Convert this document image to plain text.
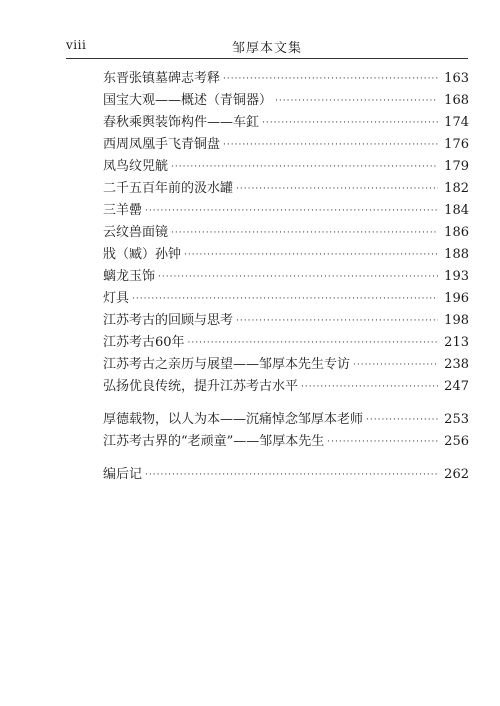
viii	邹厚本文集
东晋张镇墓碑志考释 ·····	163
国宝大观——概述（青铜器） ·····	168
春秋乘舆装饰构件——车釭 ·····	174
西周凤凰手飞青铜盘 ·····	176
凤鸟纹兕觥 ·····	179
二千五百年前的汲水罐 ·····	182
三羊罍 ·····	184
云纹兽面镜 ·····	186
戕（臧）孙钟 ·····	188
螭龙玉饰 ·····	193
灯具 ·····	196
江苏考古的回顾与思考 ·····	198
江苏考古60年 ·····	213
江苏考古之亲历与展望——邹厚本先生专访 ·····	238
弘扬优良传统，提升江苏考古水平 ·····	247
厚德载物，以人为本——沉痛悼念邹厚本老师 ·····	253
江苏考古界的“老顽童”——邹厚本先生 ·····	256
编后记 ·····	262
